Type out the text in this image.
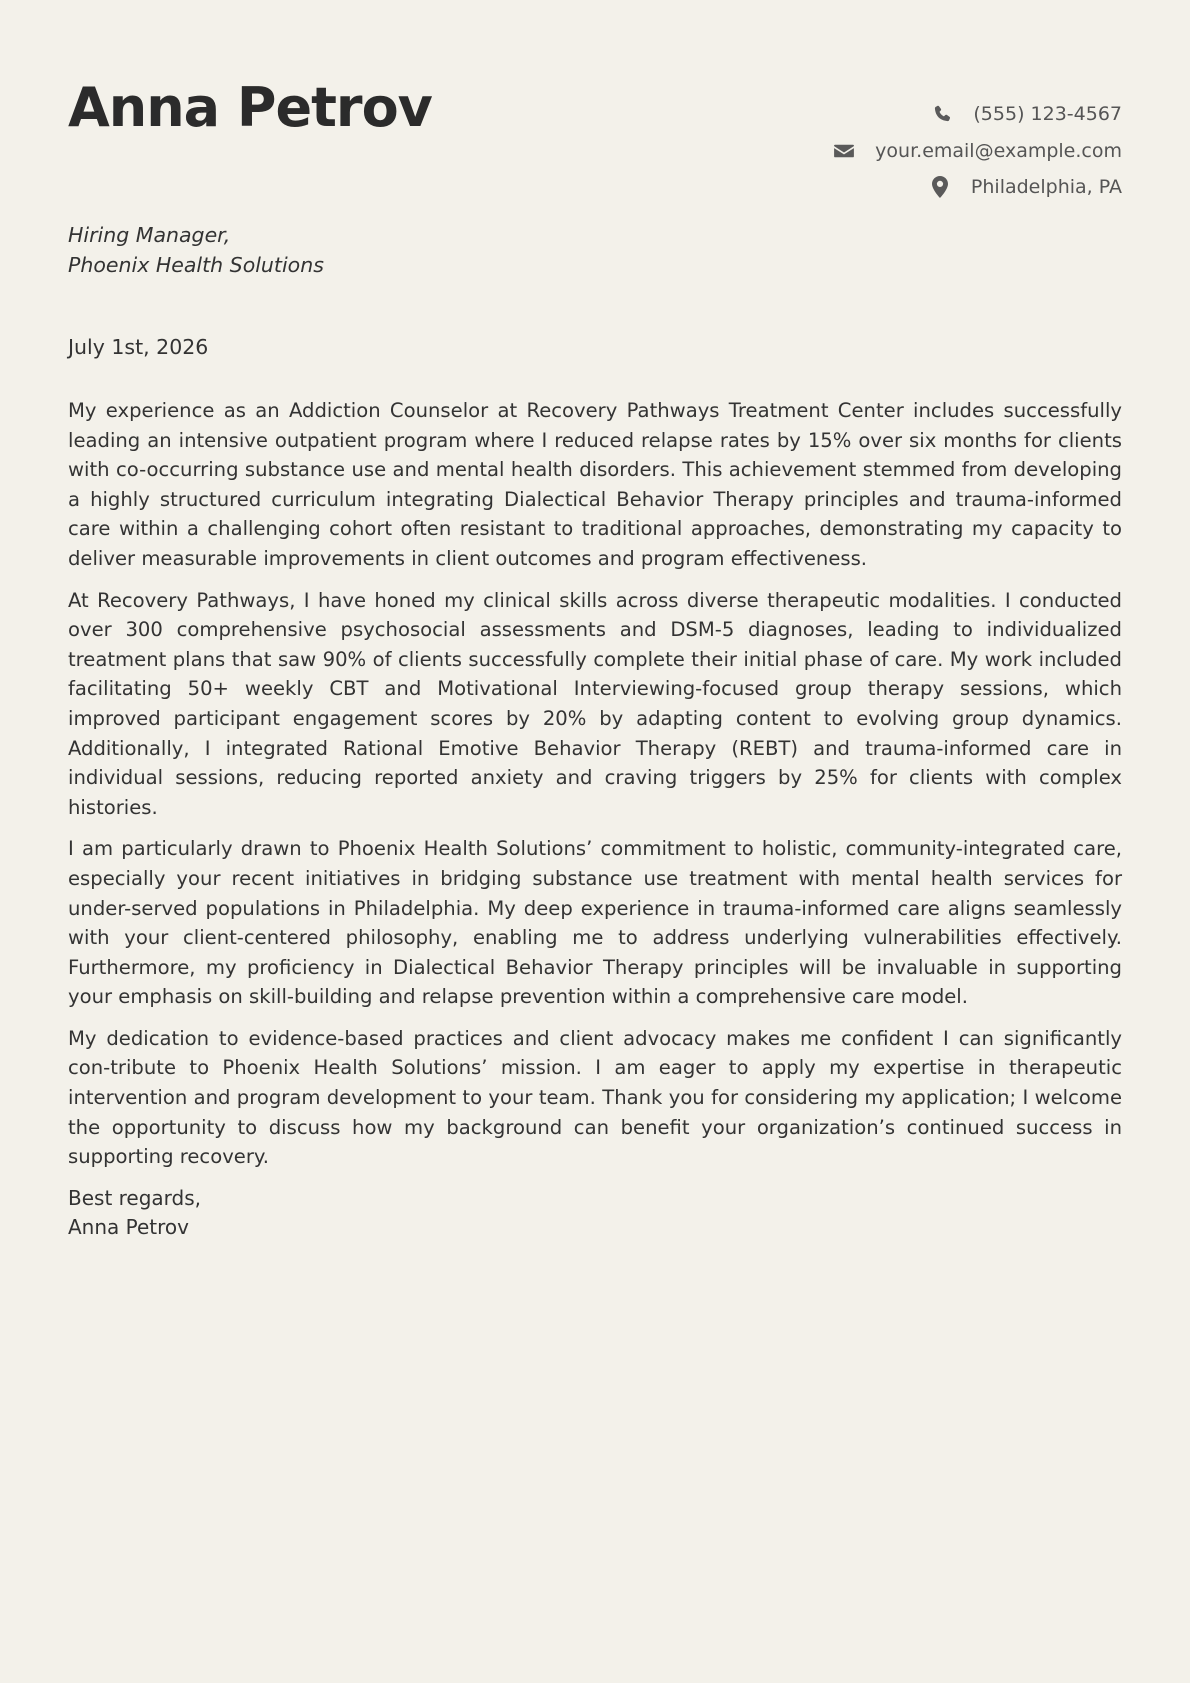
Anna Petrov	(555) 123-4567
your.email@example.com
Philadelphia, PA
Hiring Manager,
Phoenix Health Solutions
July 1st, 2026

My experience as an Addiction Counselor at Recovery Pathways Treatment Center includes successfully leading an intensive outpatient program where I reduced relapse rates by 15% over six months for clients with co-occurring substance use and mental health disorders. This achievement stemmed from developing a highly structured curriculum integrating Dialectical Behavior Therapy principles and trauma-informed care within a challenging cohort often resistant to traditional approaches, demonstrating my capacity to deliver measurable improvements in client outcomes and program effectiveness.

At Recovery Pathways, I have honed my clinical skills across diverse therapeutic modalities. I conducted over 300 comprehensive psychosocial assessments and DSM-5 diagnoses, leading to individualized treatment plans that saw 90% of clients successfully complete their initial phase of care. My work included facilitating 50+ weekly CBT and Motivational Interviewing-focused group therapy sessions, which improved participant engagement scores by 20% by adapting content to evolving group dynamics. Additionally, I integrated Rational Emotive Behavior Therapy (REBT) and trauma-informed care in individual sessions, reducing reported anxiety and craving triggers by 25% for clients with complex histories.

I am particularly drawn to Phoenix Health Solutions’ commitment to holistic, community-integrated care, especially your recent initiatives in bridging substance use treatment with mental health services for under-served populations in Philadelphia. My deep experience in trauma-informed care aligns seamlessly with your client-centered philosophy, enabling me to address underlying vulnerabilities effectively. Furthermore, my proficiency in Dialectical Behavior Therapy principles will be invaluable in supporting your emphasis on skill-building and relapse prevention within a comprehensive care model.

My dedication to evidence-based practices and client advocacy makes me confident I can significantly con-tribute to Phoenix Health Solutions’ mission. I am eager to apply my expertise in therapeutic intervention and program development to your team. Thank you for considering my application; I welcome the opportunity to discuss how my background can benefit your organization’s continued success in supporting recovery.

Best regards,
Anna Petrov
